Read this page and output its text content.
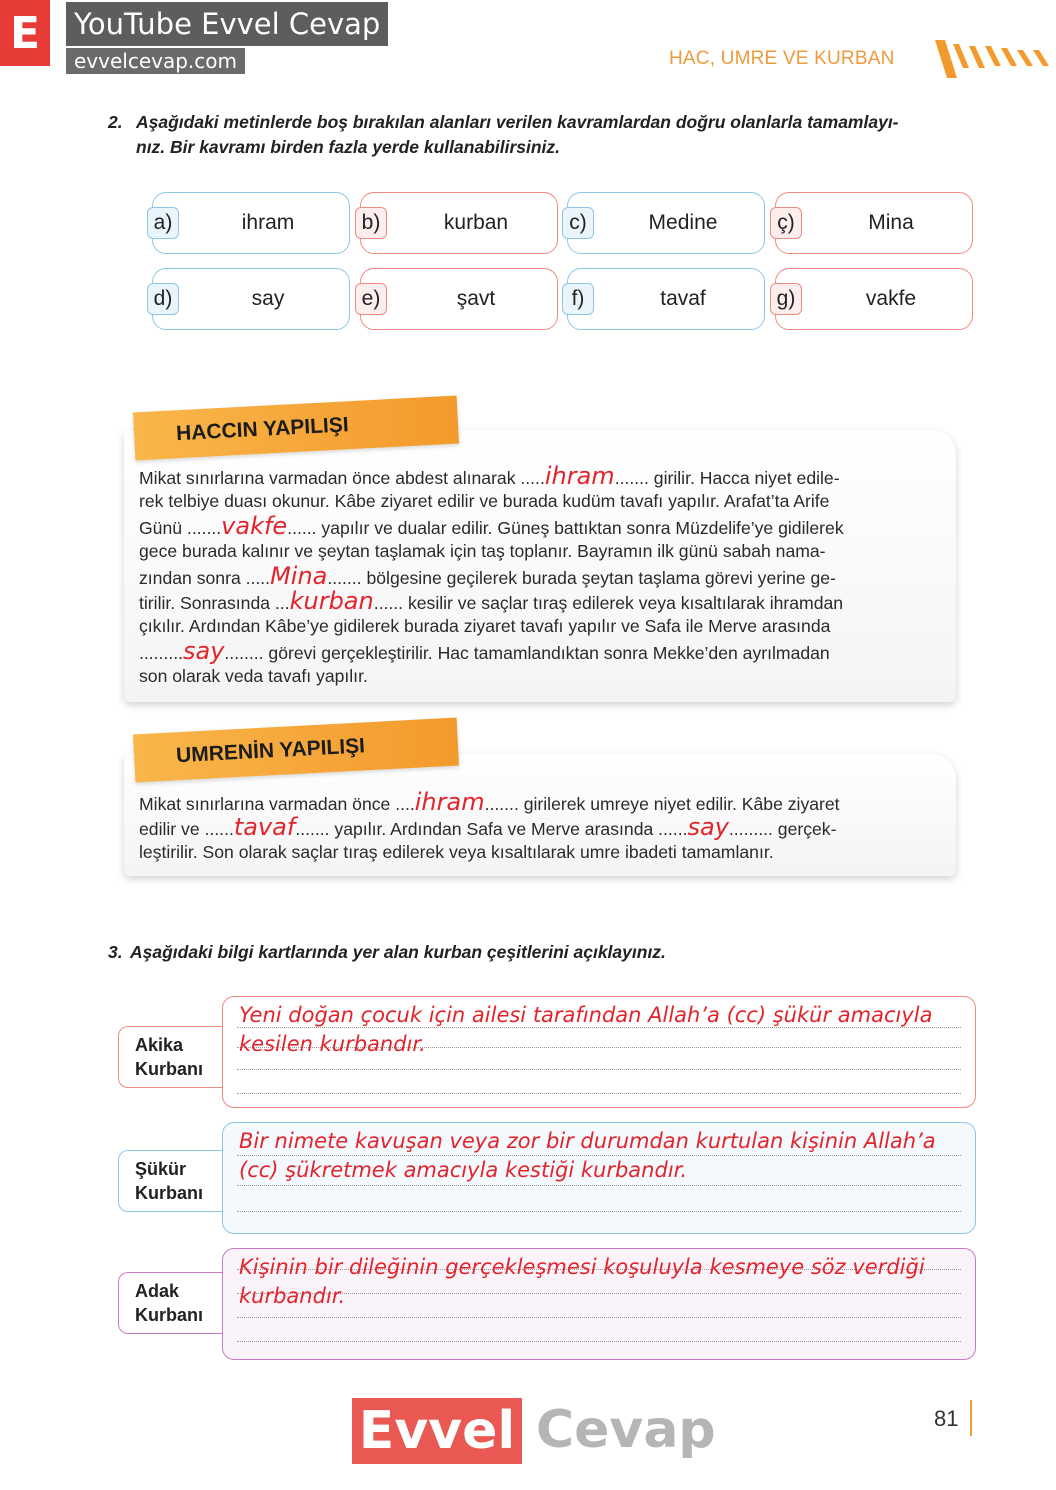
E	YouTube Evvel Cevap
evvelcevap.com	HAC, UMRE VE KURBAN
2. Aşağıdaki metinlerde boş bırakılan alanları verilen kavramlardan doğru olanlarla tamamlayı-
nız. Bir kavramı birden fazla yerde kullanabilirsiniz.
a)	ihram	b)	kurban	c)	Medine	ç)	Mina
d)	say	e)	şavt	f)	tavaf	g)	vakfe
HACCIN YAPILIŞI
Mikat sınırlarına varmadan önce abdest alınarak .....ihram....... girilir. Hacca niyet edile-
rek telbiye duası okunur. Kâbe ziyaret edilir ve burada kudüm tavafı yapılır. Arafat’ta Arife
Günü .......vakfe...... yapılır ve dualar edilir. Güneş battıktan sonra Müzdelife’ye gidilerek
gece burada kalınır ve şeytan taşlamak için taş toplanır. Bayramın ilk günü sabah nama-
zından sonra .....Mina....... bölgesine geçilerek burada şeytan taşlama görevi yerine ge-
tirilir. Sonrasında ...kurban...... kesilir ve saçlar tıraş edilerek veya kısaltılarak ihramdan
çıkılır. Ardından Kâbe’ye gidilerek burada ziyaret tavafı yapılır ve Safa ile Merve arasında
.........say........ görevi gerçekleştirilir. Hac tamamlandıktan sonra Mekke’den ayrılmadan
son olarak veda tavafı yapılır.
UMRENİN YAPILIŞI
Mikat sınırlarına varmadan önce ....ihram....... girilerek umreye niyet edilir. Kâbe ziyaret
edilir ve ......tavaf....... yapılır. Ardından Safa ve Merve arasında ......say......... gerçek-
leştirilir. Son olarak saçlar tıraş edilerek veya kısaltılarak umre ibadeti tamamlanır.
3. Aşağıdaki bilgi kartlarında yer alan kurban çeşitlerini açıklayınız.
Akika
Kurbanı
Yeni doğan çocuk için ailesi tarafından Allah’a (cc) şükür amacıyla kesilen kurbandır.
Şükür
Kurbanı
Bir nimete kavuşan veya zor bir durumdan kurtulan kişinin Allah’a (cc) şükretmek amacıyla kestiği kurbandır.
Adak
Kurbanı
Kişinin bir dileğinin gerçekleşmesi koşuluyla kesmeye söz verdiği kurbandır.
Evvel Cevap	81
